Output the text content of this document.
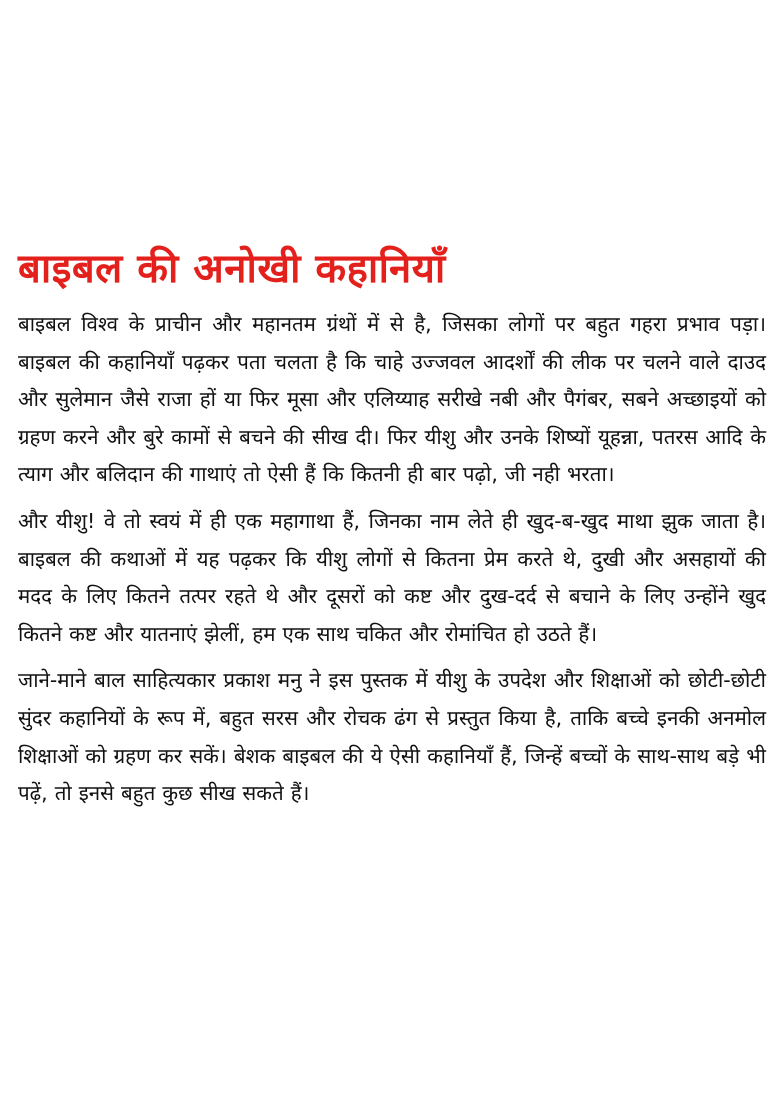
बाइबल की अनोखी कहानियाँ

बाइबल विश्व के प्राचीन और महानतम ग्रंथों में से है, जिसका लोगों पर बहुत गहरा प्रभाव पड़ा। बाइबल की कहानियाँ पढ़कर पता चलता है कि चाहे उज्जवल आदर्शों की लीक पर चलने वाले दाउद और सुलेमान जैसे राजा हों या फिर मूसा और एलिय्याह सरीखे नबी और पैगंबर, सबने अच्छाइयों को ग्रहण करने और बुरे कामों से बचने की सीख दी। फिर यीशु और उनके शिष्यों यूहन्ना, पतरस आदि के त्याग और बलिदान की गाथाएं तो ऐसी हैं कि कितनी ही बार पढ़ो, जी नही भरता।

और यीशु! वे तो स्वयं में ही एक महागाथा हैं, जिनका नाम लेते ही खुद-ब-खुद माथा झुक जाता है। बाइबल की कथाओं में यह पढ़कर कि यीशु लोगों से कितना प्रेम करते थे, दुखी और असहायों की मदद के लिए कितने तत्पर रहते थे और दूसरों को कष्ट और दुख-दर्द से बचाने के लिए उन्होंने खुद कितने कष्ट और यातनाएं झेलीं, हम एक साथ चकित और रोमांचित हो उठते हैं।

जाने-माने बाल साहित्यकार प्रकाश मनु ने इस पुस्तक में यीशु के उपदेश और शिक्षाओं को छोटी-छोटी सुंदर कहानियों के रूप में, बहुत सरस और रोचक ढंग से प्रस्तुत किया है, ताकि बच्चे इनकी अनमोल शिक्षाओं को ग्रहण कर सकें। बेशक बाइबल की ये ऐसी कहानियाँ हैं, जिन्हें बच्चों के साथ-साथ बड़े भी पढ़ें, तो इनसे बहुत कुछ सीख सकते हैं।
